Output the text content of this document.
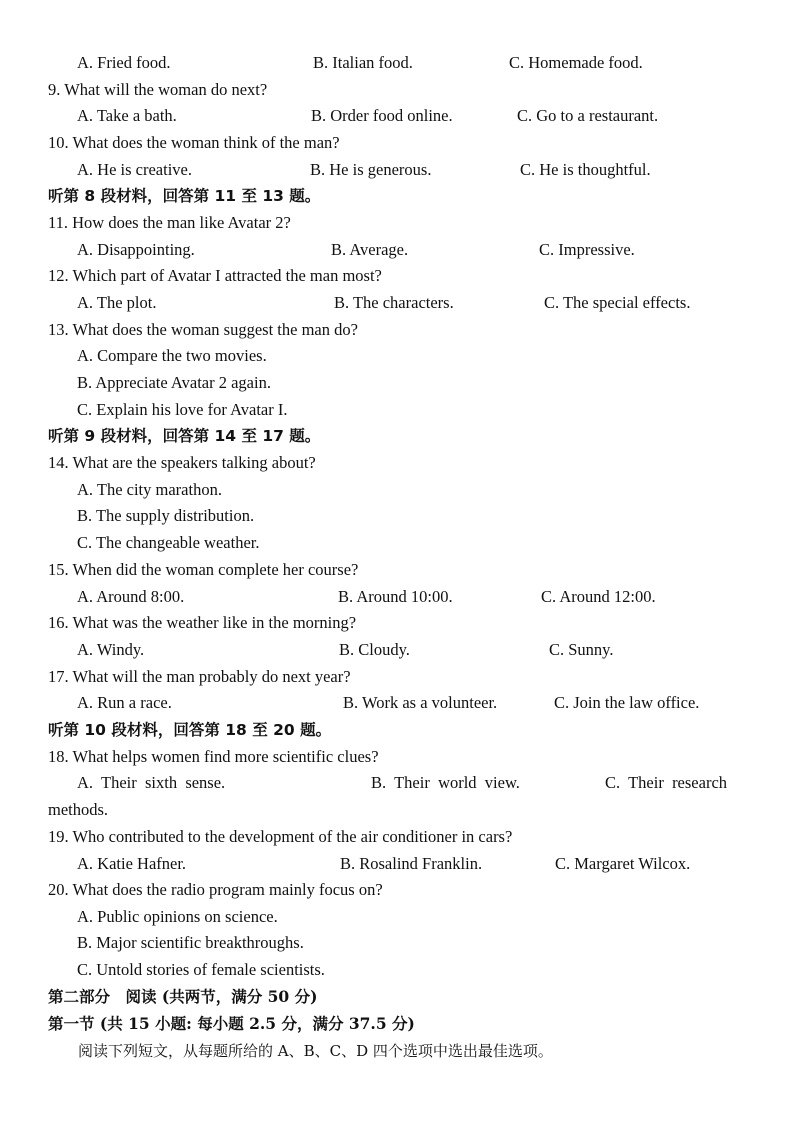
A. Fried food.	B. Italian food.	C. Homemade food.
9. What will the woman do next?
A. Take a bath.	B. Order food online.	C. Go to a restaurant.
10. What does the woman think of the man?
A. He is creative.	B. He is generous.	C. He is thoughtful.
听第 8 段材料，回答第 11 至 13 题。
11. How does the man like Avatar 2?
A. Disappointing.	B. Average.	C. Impressive.
12. Which part of Avatar I attracted the man most?
A. The plot.	B. The characters.	C. The special effects.
13. What does the woman suggest the man do?
A. Compare the two movies.
B. Appreciate Avatar 2 again.
C. Explain his love for Avatar I.
听第 9 段材料，回答第 14 至 17 题。
14. What are the speakers talking about?
A. The city marathon.
B. The supply distribution.
C. The changeable weather.
15. When did the woman complete her course?
A. Around 8:00.	B. Around 10:00.	C. Around 12:00.
16. What was the weather like in the morning?
A. Windy.	B. Cloudy.	C. Sunny.
17. What will the man probably do next year?
A. Run a race.	B. Work as a volunteer.	C. Join the law office.
听第 10 段材料，回答第 18 至 20 题。
18. What helps women find more scientific clues?
A.  Their  sixth  sense.	B.  Their  world  view.	C.  Their  research
methods.
19. Who contributed to the development of the air conditioner in cars?
A. Katie Hafner.	B. Rosalind Franklin.	C. Margaret Wilcox.
20. What does the radio program mainly focus on?
A. Public opinions on science.
B. Major scientific breakthroughs.
C. Untold stories of female scientists.
第二部分　阅读 (共两节，满分 50 分)
第一节 (共 15 小题: 每小题 2.5 分，满分 37.5 分)
阅读下列短文，从每题所给的 A、B、C、D 四个选项中选出最佳选项。
